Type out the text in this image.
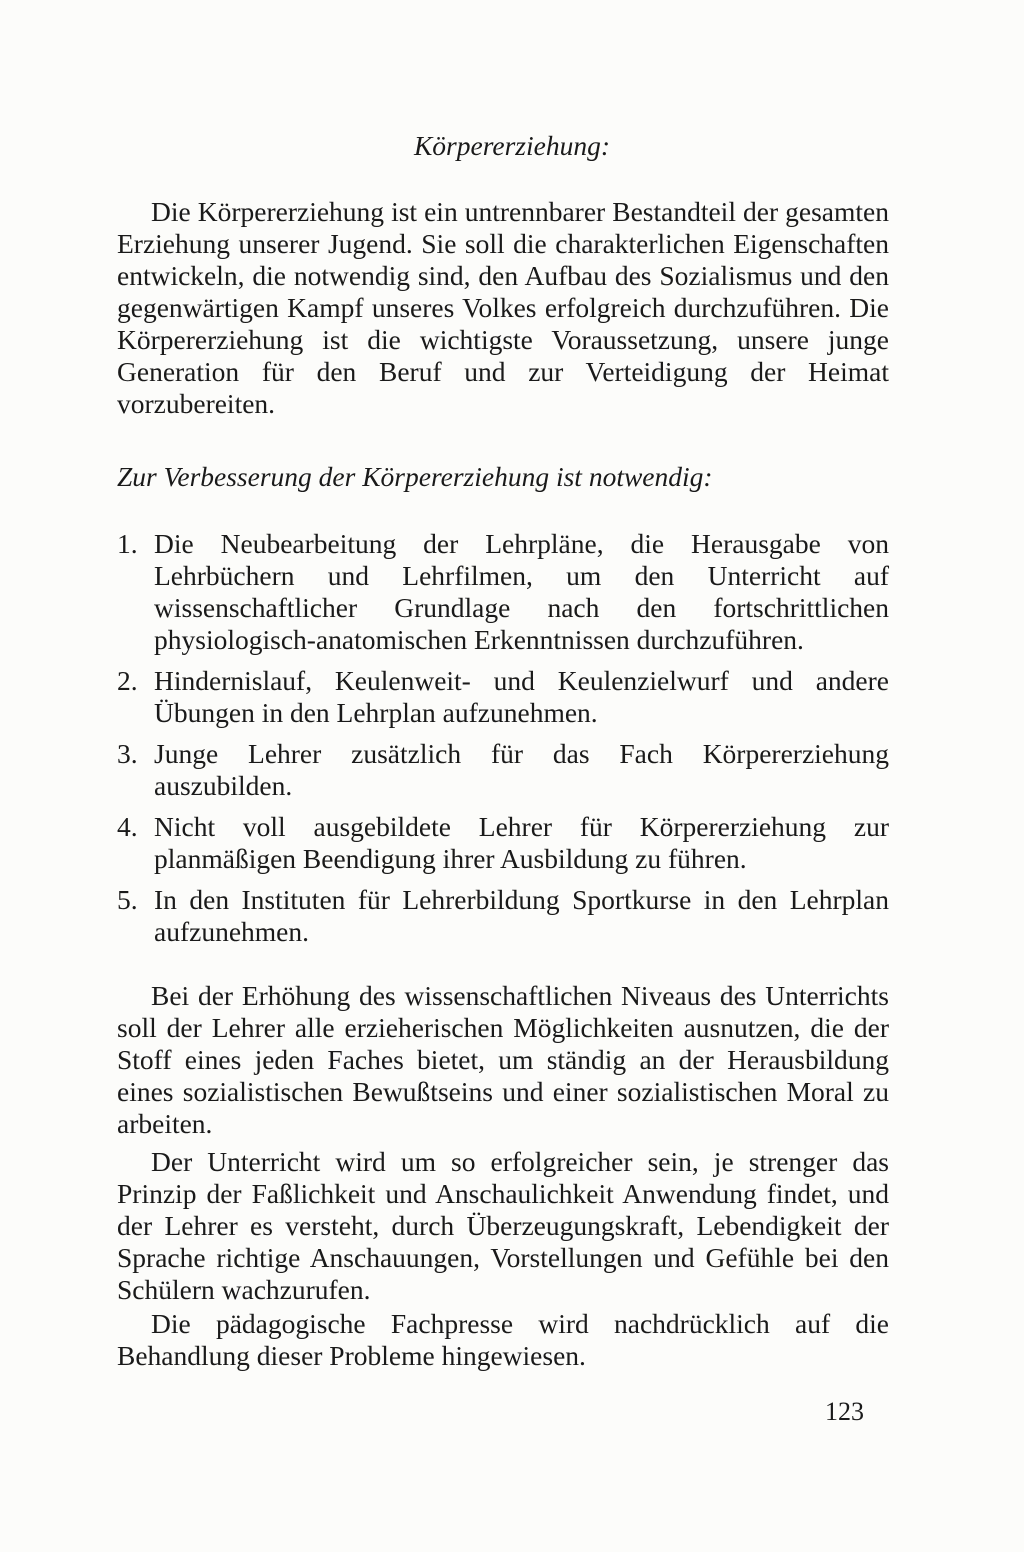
Körpererziehung:
Die Körpererziehung ist ein untrennbarer Bestandteil der gesamten Erziehung unserer Jugend. Sie soll die charakterlichen Eigenschaften entwickeln, die notwendig sind, den Aufbau des Sozialismus und den gegenwärtigen Kampf unseres Volkes erfolgreich durchzuführen. Die Körpererziehung ist die wichtigste Voraussetzung, unsere junge Generation für den Beruf und zur Verteidigung der Heimat vorzubereiten.
Zur Verbesserung der Körpererziehung ist notwendig:
1. Die Neubearbeitung der Lehrpläne, die Herausgabe von Lehrbüchern und Lehrfilmen, um den Unterricht auf wissenschaftlicher Grundlage nach den fortschrittlichen physiologisch-anatomischen Erkenntnissen durchzuführen.
2. Hindernislauf, Keulenweit- und Keulenzielwurf und andere Übungen in den Lehrplan aufzunehmen.
3. Junge Lehrer zusätzlich für das Fach Körpererziehung auszubilden.
4. Nicht voll ausgebildete Lehrer für Körpererziehung zur planmäßigen Beendigung ihrer Ausbildung zu führen.
5. In den Instituten für Lehrerbildung Sportkurse in den Lehrplan aufzunehmen.
Bei der Erhöhung des wissenschaftlichen Niveaus des Unterrichts soll der Lehrer alle erzieherischen Möglichkeiten ausnutzen, die der Stoff eines jeden Faches bietet, um ständig an der Herausbildung eines sozialistischen Bewußtseins und einer sozialistischen Moral zu arbeiten.
Der Unterricht wird um so erfolgreicher sein, je strenger das Prinzip der Faßlichkeit und Anschaulichkeit Anwendung findet, und der Lehrer es versteht, durch Überzeugungskraft, Lebendigkeit der Sprache richtige Anschauungen, Vorstellungen und Gefühle bei den Schülern wachzurufen.
Die pädagogische Fachpresse wird nachdrücklich auf die Behandlung dieser Probleme hingewiesen.
123
